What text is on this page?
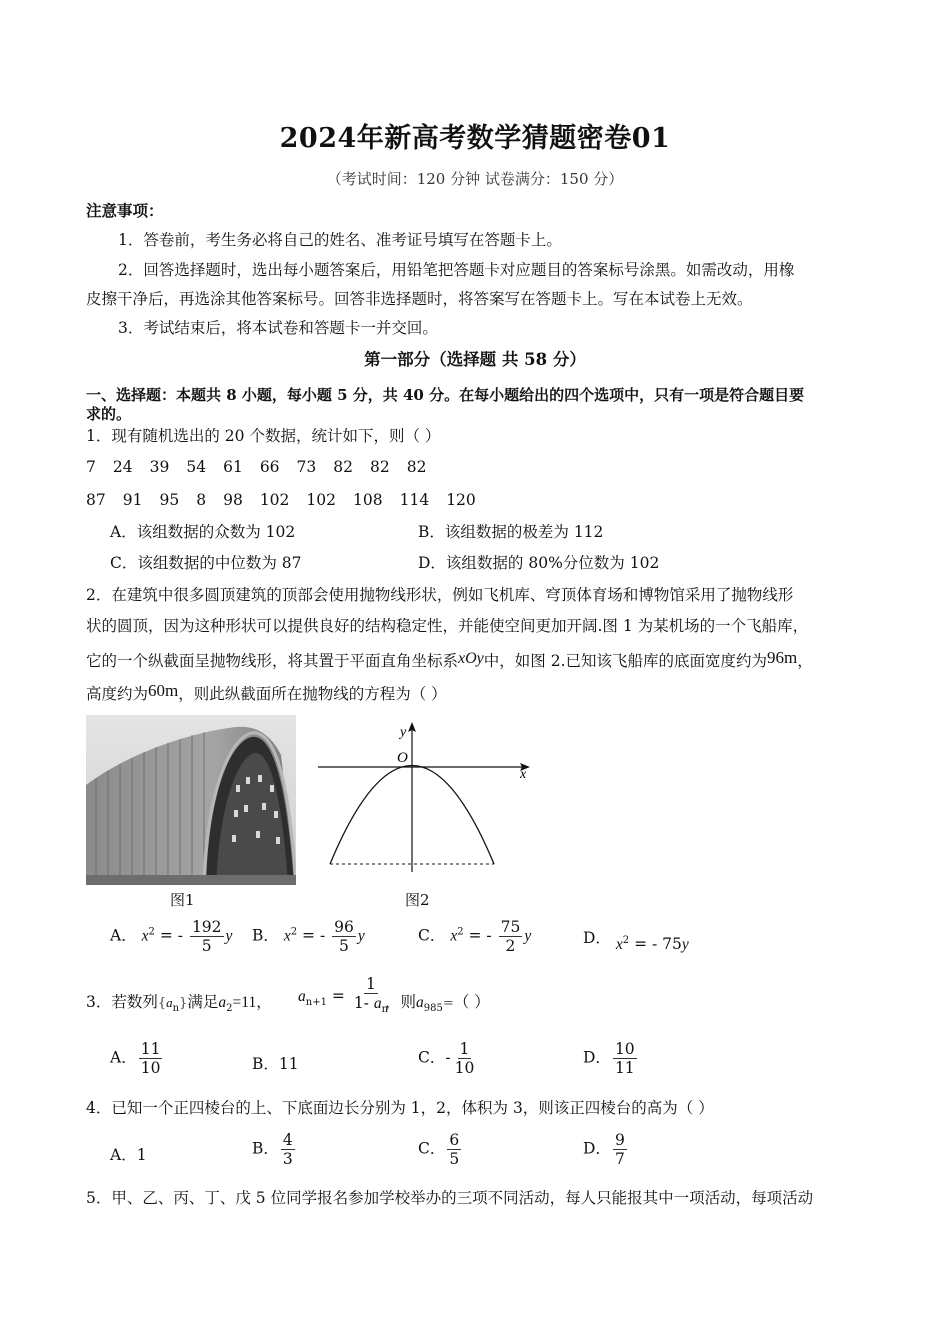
2024年新高考数学猜题密卷01
（考试时间：120 分钟 试卷满分：150 分）
注意事项：
1．答卷前，考生务必将自己的姓名、准考证号填写在答题卡上。
2．回答选择题时，选出每小题答案后，用铅笔把答题卡对应题目的答案标号涂黑。如需改动，用橡
皮擦干净后，再选涂其他答案标号。回答非选择题时，将答案写在答题卡上。写在本试卷上无效。
3．考试结束后，将本试卷和答题卡一并交回。
第一部分（选择题 共 58 分）
一、选择题：本题共 8 小题，每小题 5 分，共 40 分。在每小题给出的四个选项中，只有一项是符合题目要
求的。
1．现有随机选出的 20 个数据，统计如下，则（ ）
7 24 39 54 61 66 73 82 82 82
87 91 95 8 98 102 102 108 114 120
A．该组数据的众数为 102	B．该组数据的极差为 112
C．该组数据的中位数为 87	D．该组数据的 80%分位数为 102
2．在建筑中很多圆顶建筑的顶部会使用抛物线形状，例如飞机库、穹顶体育场和博物馆采用了抛物线形
状的圆顶，因为这种形状可以提供良好的结构稳定性，并能使空间更加开阔.图 1 为某机场的一个飞船库，
它的一个纵截面呈抛物线形，将其置于平面直角坐标系xOy中，如图 2.已知该飞船库的底面宽度约为96m，
高度约为60m，则此纵截面所在抛物线的方程为（ ）
图1
O
y
x
图2
A． $x^2$ = - $\frac{192}{5}$ y B． $x^2$ = - $\frac{96}{5}$ y	C． $x^2$ = - $\frac{75}{2}$ y	D． $x^2$ = - 75y
3．若数列$\{a_n\}$满足$a_2=11$， $a_{n+1} = \frac{1}{1- a_n}$
，则$a_{985}=$（ ）
A． $\frac{11}{10}$	B．11	C．- $\frac{1}{10}$	D． $\frac{10}{11}$
4．已知一个正四棱台的上、下底面边长分别为 1，2，体积为 3，则该正四棱台的高为（ ）
A．1	B． $\frac{4}{3}$	C． $\frac{6}{5}$	D． $\frac{9}{7}$
5．甲、乙、丙、丁、戊 5 位同学报名参加学校举办的三项不同活动，每人只能报其中一项活动，每项活动
